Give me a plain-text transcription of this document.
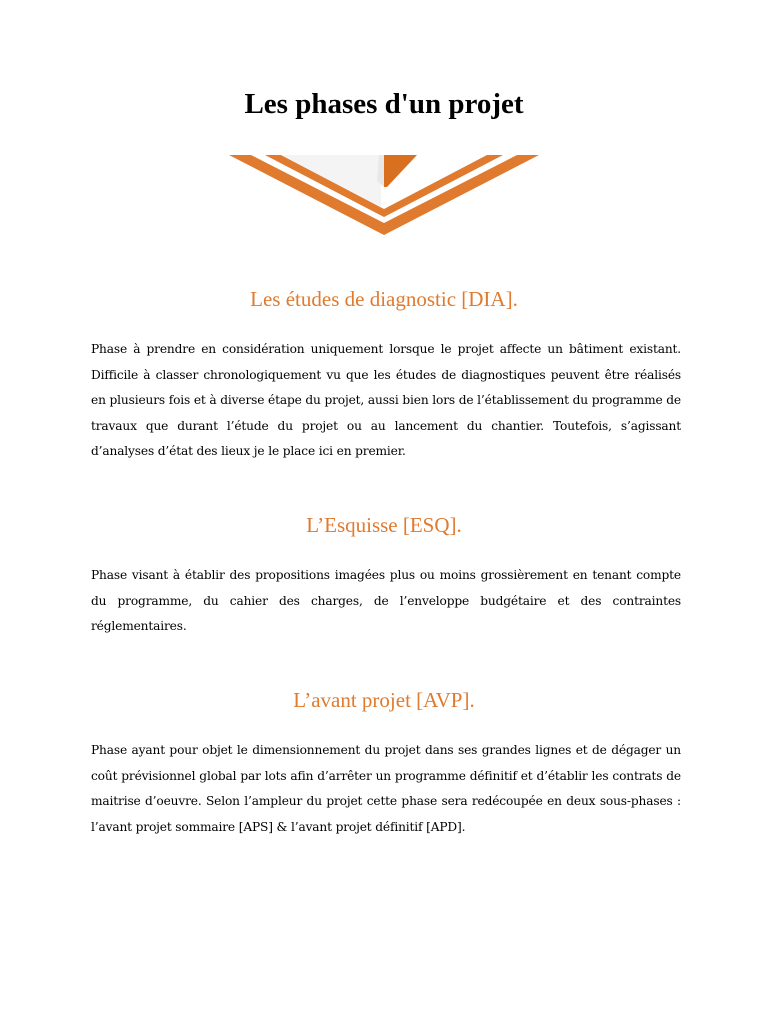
Les phases d'un projet
Les études de diagnostic [DIA].
Phase à prendre en considération uniquement lorsque le projet affecte un bâtiment existant. Difficile à classer chronologiquement vu que les études de diagnostiques peuvent être réalisés en plusieurs fois et à diverse étape du projet, aussi bien lors de l’établissement du programme de travaux que durant l’étude du projet ou au lancement du chantier. Toutefois, s’agissant d’analyses d’état des lieux je le place ici en premier.
L’Esquisse [ESQ].
Phase visant à établir des propositions imagées plus ou moins grossièrement en tenant compte du programme, du cahier des charges, de l’enveloppe budgétaire et des contraintes réglementaires.
L’avant projet [AVP].
Phase ayant pour objet le dimensionnement du projet dans ses grandes lignes et de dégager un coût prévisionnel global par lots afin d’arrêter un programme définitif et d’établir les contrats de maitrise d’oeuvre. Selon l’ampleur du projet cette phase sera redécoupée en deux sous-phases : l’avant projet sommaire [APS] & l’avant projet définitif [APD].
